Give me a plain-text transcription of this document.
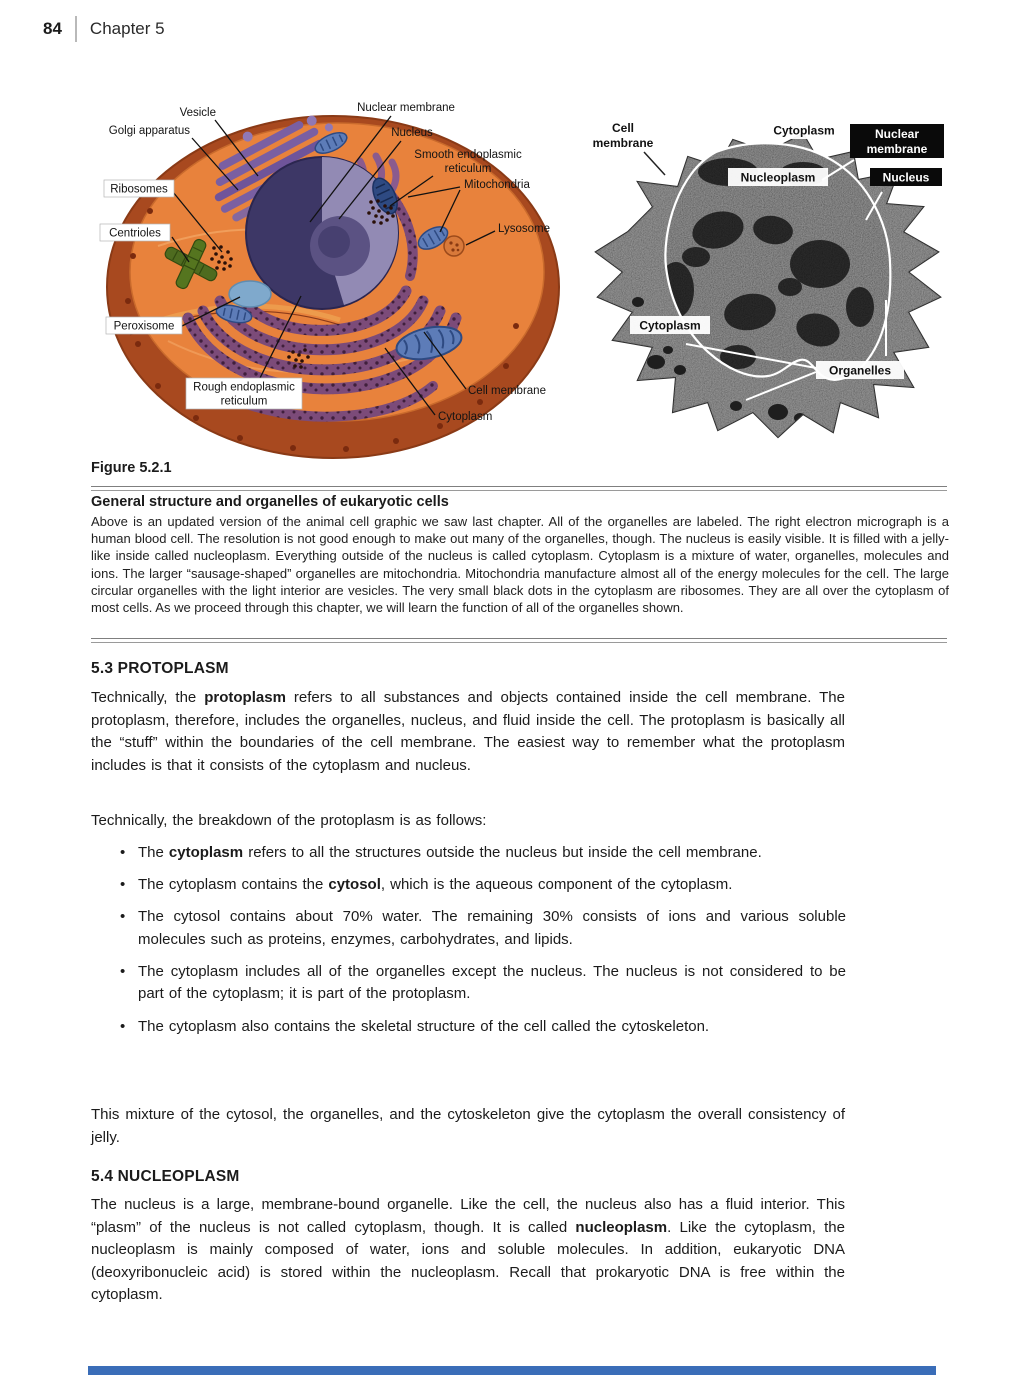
84 Chapter 5
Ribosomes
Centrioles
Peroxisome
Rough endoplasmic
reticulum
Vesicle
Golgi apparatus
Nuclear membrane
Nucleus
Smooth endoplasmic
reticulum
Mitochondria
Lysosome
Cell membrane
Cytoplasm
Cell
membrane
Cytoplasm	Nuclear
membrane
Nucleoplasm	Nucleus
Cytoplasm
Organelles
Figure 5.2.1
General structure and organelles of eukaryotic cells
Above is an updated version of the animal cell graphic we saw last chapter. All of the organelles are labeled. The right electron micrograph is a human blood cell. The resolution is not good enough to make out many of the organelles, though. The nucleus is easily visible. It is filled with a jelly-like inside called nucleoplasm. Everything outside of the nucleus is called cytoplasm. Cytoplasm is a mixture of water, organelles, molecules and ions. The larger “sausage-shaped” organelles are mitochondria. Mitochondria manufacture almost all of the energy molecules for the cell. The large circular organelles with the light interior are vesicles. The very small black dots in the cytoplasm are ribosomes. They are all over the cytoplasm of most cells. As we proceed through this chapter, we will learn the function of all of the organelles shown.
5.3 PROTOPLASM
Technically, the protoplasm refers to all substances and objects contained inside the cell membrane. The protoplasm, therefore, includes the organelles, nucleus, and fluid inside the cell. The protoplasm is basically all the “stuff” within the boundaries of the cell membrane. The easiest way to remember what the protoplasm includes is that it consists of the cytoplasm and nucleus.
Technically, the breakdown of the protoplasm is as follows:
• The cytoplasm refers to all the structures outside the nucleus but inside the cell membrane.
• The cytoplasm contains the cytosol, which is the aqueous component of the cytoplasm.
• The cytosol contains about 70% water. The remaining 30% consists of ions and various soluble molecules such as proteins, enzymes, carbohydrates, and lipids.
• The cytoplasm includes all of the organelles except the nucleus. The nucleus is not considered to be part of the cytoplasm; it is part of the protoplasm.
• The cytoplasm also contains the skeletal structure of the cell called the cytoskeleton.
This mixture of the cytosol, the organelles, and the cytoskeleton give the cytoplasm the overall consistency of jelly.
5.4 NUCLEOPLASM
The nucleus is a large, membrane-bound organelle. Like the cell, the nucleus also has a fluid interior. This “plasm” of the nucleus is not called cytoplasm, though. It is called nucleoplasm. Like the cytoplasm, the nucleoplasm is mainly composed of water, ions and soluble molecules. In addition, eukaryotic DNA (deoxyribonucleic acid) is stored within the nucleoplasm. Recall that prokaryotic DNA is free within the cytoplasm.
